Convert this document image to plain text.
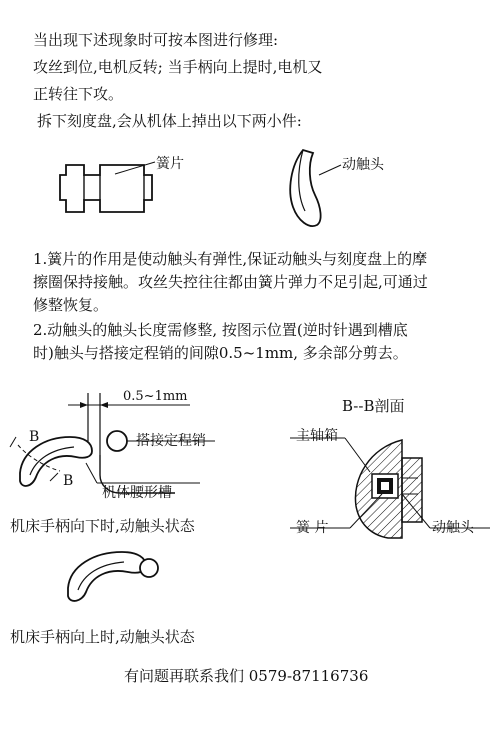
当出现下述现象时可按本图进行修理:
攻丝到位,电机反转; 当手柄向上提时,电机又
正转往下攻。
拆下刻度盘,会从机体上掉出以下两小件:
簧片	动触头
1.簧片的作用是使动触头有弹性,保证动触头与刻度盘上的摩
擦圈保持接触。攻丝失控往往都由簧片弹力不足引起,可通过
修整恢复。
2.动触头的触头长度需修整, 按图示位置(逆时针遇到槽底
时)触头与搭接定程销的间隙0.5~1mm, 多余部分剪去。
0.5~1mm
B
B
搭接定程销
机体腰形槽
机床手柄向下时,动触头状态
机床手柄向上时,动触头状态
B--B剖面
主轴箱
簧 片	动触头
有问题再联系我们 0579-87116736
